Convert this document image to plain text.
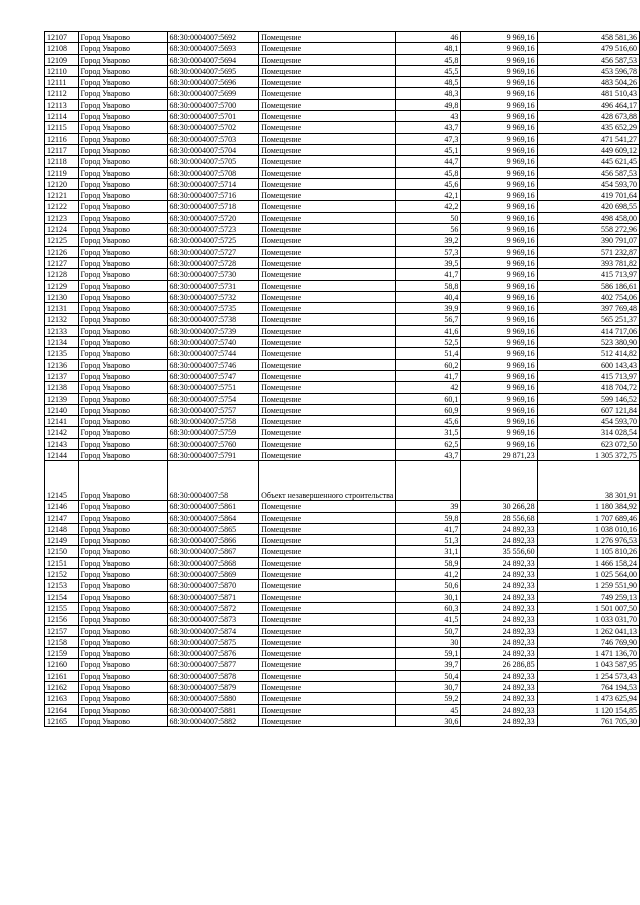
12107	Город Уварово	68:30:0004007:5692	Помещение	46	9 969,16	458 581,36
12108	Город Уварово	68:30:0004007:5693	Помещение	48,1	9 969,16	479 516,60
12109	Город Уварово	68:30:0004007:5694	Помещение	45,8	9 969,16	456 587,53
12110	Город Уварово	68:30:0004007:5695	Помещение	45,5	9 969,16	453 596,78
12111	Город Уварово	68:30:0004007:5696	Помещение	48,5	9 969,16	483 504,26
12112	Город Уварово	68:30:0004007:5699	Помещение	48,3	9 969,16	481 510,43
12113	Город Уварово	68:30:0004007:5700	Помещение	49,8	9 969,16	496 464,17
12114	Город Уварово	68:30:0004007:5701	Помещение	43	9 969,16	428 673,88
12115	Город Уварово	68:30:0004007:5702	Помещение	43,7	9 969,16	435 652,29
12116	Город Уварово	68:30:0004007:5703	Помещение	47,3	9 969,16	471 541,27
12117	Город Уварово	68:30:0004007:5704	Помещение	45,1	9 969,16	449 609,12
12118	Город Уварово	68:30:0004007:5705	Помещение	44,7	9 969,16	445 621,45
12119	Город Уварово	68:30:0004007:5708	Помещение	45,8	9 969,16	456 587,53
12120	Город Уварово	68:30:0004007:5714	Помещение	45,6	9 969,16	454 593,70
12121	Город Уварово	68:30:0004007:5716	Помещение	42,1	9 969,16	419 701,64
12122	Город Уварово	68:30:0004007:5718	Помещение	42,2	9 969,16	420 698,55
12123	Город Уварово	68:30:0004007:5720	Помещение	50	9 969,16	498 458,00
12124	Город Уварово	68:30:0004007:5723	Помещение	56	9 969,16	558 272,96
12125	Город Уварово	68:30:0004007:5725	Помещение	39,2	9 969,16	390 791,07
12126	Город Уварово	68:30:0004007:5727	Помещение	57,3	9 969,16	571 232,87
12127	Город Уварово	68:30:0004007:5728	Помещение	39,5	9 969,16	393 781,82
12128	Город Уварово	68:30:0004007:5730	Помещение	41,7	9 969,16	415 713,97
12129	Город Уварово	68:30:0004007:5731	Помещение	58,8	9 969,16	586 186,61
12130	Город Уварово	68:30:0004007:5732	Помещение	40,4	9 969,16	402 754,06
12131	Город Уварово	68:30:0004007:5735	Помещение	39,9	9 969,16	397 769,48
12132	Город Уварово	68:30:0004007:5738	Помещение	56,7	9 969,16	565 251,37
12133	Город Уварово	68:30:0004007:5739	Помещение	41,6	9 969,16	414 717,06
12134	Город Уварово	68:30:0004007:5740	Помещение	52,5	9 969,16	523 380,90
12135	Город Уварово	68:30:0004007:5744	Помещение	51,4	9 969,16	512 414,82
12136	Город Уварово	68:30:0004007:5746	Помещение	60,2	9 969,16	600 143,43
12137	Город Уварово	68:30:0004007:5747	Помещение	41,7	9 969,16	415 713,97
12138	Город Уварово	68:30:0004007:5751	Помещение	42	9 969,16	418 704,72
12139	Город Уварово	68:30:0004007:5754	Помещение	60,1	9 969,16	599 146,52
12140	Город Уварово	68:30:0004007:5757	Помещение	60,9	9 969,16	607 121,84
12141	Город Уварово	68:30:0004007:5758	Помещение	45,6	9 969,16	454 593,70
12142	Город Уварово	68:30:0004007:5759	Помещение	31,5	9 969,16	314 028,54
12143	Город Уварово	68:30:0004007:5760	Помещение	62,5	9 969,16	623 072,50
12144	Город Уварово	68:30:0004007:5791	Помещение	43,7	29 871,23	1 305 372,75
12145	Город Уварово	68:30:0004007:58	Объект незавершенного строительства			38 301,91
12146	Город Уварово	68:30:0004007:5861	Помещение	39	30 266,28	1 180 384,92
12147	Город Уварово	68:30:0004007:5864	Помещение	59,8	28 556,68	1 707 689,46
12148	Город Уварово	68:30:0004007:5865	Помещение	41,7	24 892,33	1 038 010,16
12149	Город Уварово	68:30:0004007:5866	Помещение	51,3	24 892,33	1 276 976,53
12150	Город Уварово	68:30:0004007:5867	Помещение	31,1	35 556,60	1 105 810,26
12151	Город Уварово	68:30:0004007:5868	Помещение	58,9	24 892,33	1 466 158,24
12152	Город Уварово	68:30:0004007:5869	Помещение	41,2	24 892,33	1 025 564,00
12153	Город Уварово	68:30:0004007:5870	Помещение	50,6	24 892,33	1 259 551,90
12154	Город Уварово	68:30:0004007:5871	Помещение	30,1	24 892,33	749 259,13
12155	Город Уварово	68:30:0004007:5872	Помещение	60,3	24 892,33	1 501 007,50
12156	Город Уварово	68:30:0004007:5873	Помещение	41,5	24 892,33	1 033 031,70
12157	Город Уварово	68:30:0004007:5874	Помещение	50,7	24 892,33	1 262 041,13
12158	Город Уварово	68:30:0004007:5875	Помещение	30	24 892,33	746 769,90
12159	Город Уварово	68:30:0004007:5876	Помещение	59,1	24 892,33	1 471 136,70
12160	Город Уварово	68:30:0004007:5877	Помещение	39,7	26 286,85	1 043 587,95
12161	Город Уварово	68:30:0004007:5878	Помещение	50,4	24 892,33	1 254 573,43
12162	Город Уварово	68:30:0004007:5879	Помещение	30,7	24 892,33	764 194,53
12163	Город Уварово	68:30:0004007:5880	Помещение	59,2	24 892,33	1 473 625,94
12164	Город Уварово	68:30:0004007:5881	Помещение	45	24 892,33	1 120 154,85
12165	Город Уварово	68:30:0004007:5882	Помещение	30,6	24 892,33	761 705,30
